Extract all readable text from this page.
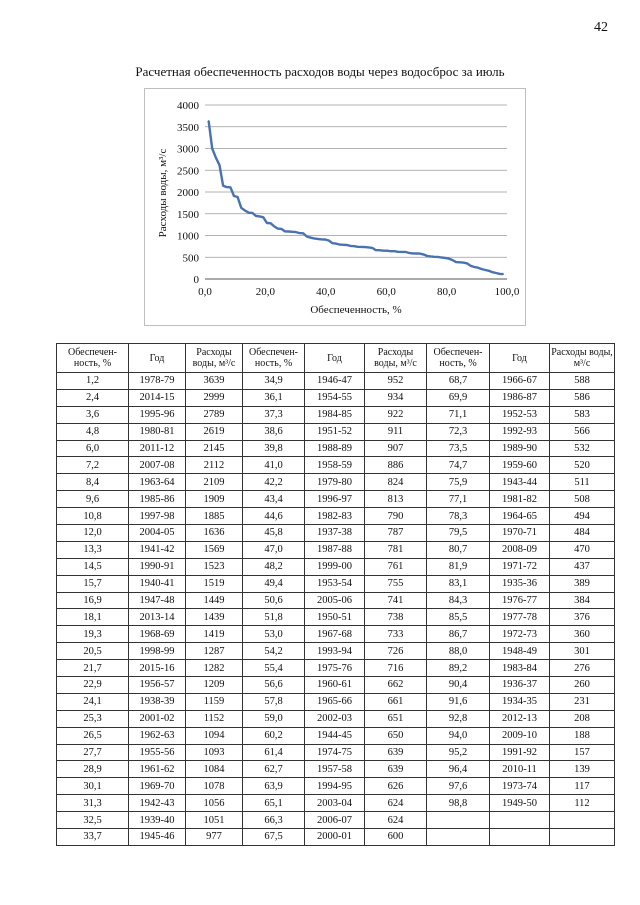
42
Расчетная обеспеченность расходов воды через водосброс за июль
0
500
1000
1500
2000
2500
3000
3500
4000
0,0	20,0	40,0	60,0	80,0	100,0
Обеспеченность, %
Расходы воды, м³/с
Обеспечен-ность, %	Год	Расходы воды, м³/с	Обеспечен-ность, %	Год	Расходы воды, м³/с	Обеспечен-ность, %	Год	Расходы воды, м³/с
1,2	1978-79	3639	34,9	1946-47	952	68,7	1966-67	588
2,4	2014-15	2999	36,1	1954-55	934	69,9	1986-87	586
3,6	1995-96	2789	37,3	1984-85	922	71,1	1952-53	583
4,8	1980-81	2619	38,6	1951-52	911	72,3	1992-93	566
6,0	2011-12	2145	39,8	1988-89	907	73,5	1989-90	532
7,2	2007-08	2112	41,0	1958-59	886	74,7	1959-60	520
8,4	1963-64	2109	42,2	1979-80	824	75,9	1943-44	511
9,6	1985-86	1909	43,4	1996-97	813	77,1	1981-82	508
10,8	1997-98	1885	44,6	1982-83	790	78,3	1964-65	494
12,0	2004-05	1636	45,8	1937-38	787	79,5	1970-71	484
13,3	1941-42	1569	47,0	1987-88	781	80,7	2008-09	470
14,5	1990-91	1523	48,2	1999-00	761	81,9	1971-72	437
15,7	1940-41	1519	49,4	1953-54	755	83,1	1935-36	389
16,9	1947-48	1449	50,6	2005-06	741	84,3	1976-77	384
18,1	2013-14	1439	51,8	1950-51	738	85,5	1977-78	376
19,3	1968-69	1419	53,0	1967-68	733	86,7	1972-73	360
20,5	1998-99	1287	54,2	1993-94	726	88,0	1948-49	301
21,7	2015-16	1282	55,4	1975-76	716	89,2	1983-84	276
22,9	1956-57	1209	56,6	1960-61	662	90,4	1936-37	260
24,1	1938-39	1159	57,8	1965-66	661	91,6	1934-35	231
25,3	2001-02	1152	59,0	2002-03	651	92,8	2012-13	208
26,5	1962-63	1094	60,2	1944-45	650	94,0	2009-10	188
27,7	1955-56	1093	61,4	1974-75	639	95,2	1991-92	157
28,9	1961-62	1084	62,7	1957-58	639	96,4	2010-11	139
30,1	1969-70	1078	63,9	1994-95	626	97,6	1973-74	117
31,3	1942-43	1056	65,1	2003-04	624	98,8	1949-50	112
32,5	1939-40	1051	66,3	2006-07	624			
33,7	1945-46	977	67,5	2000-01	600			
